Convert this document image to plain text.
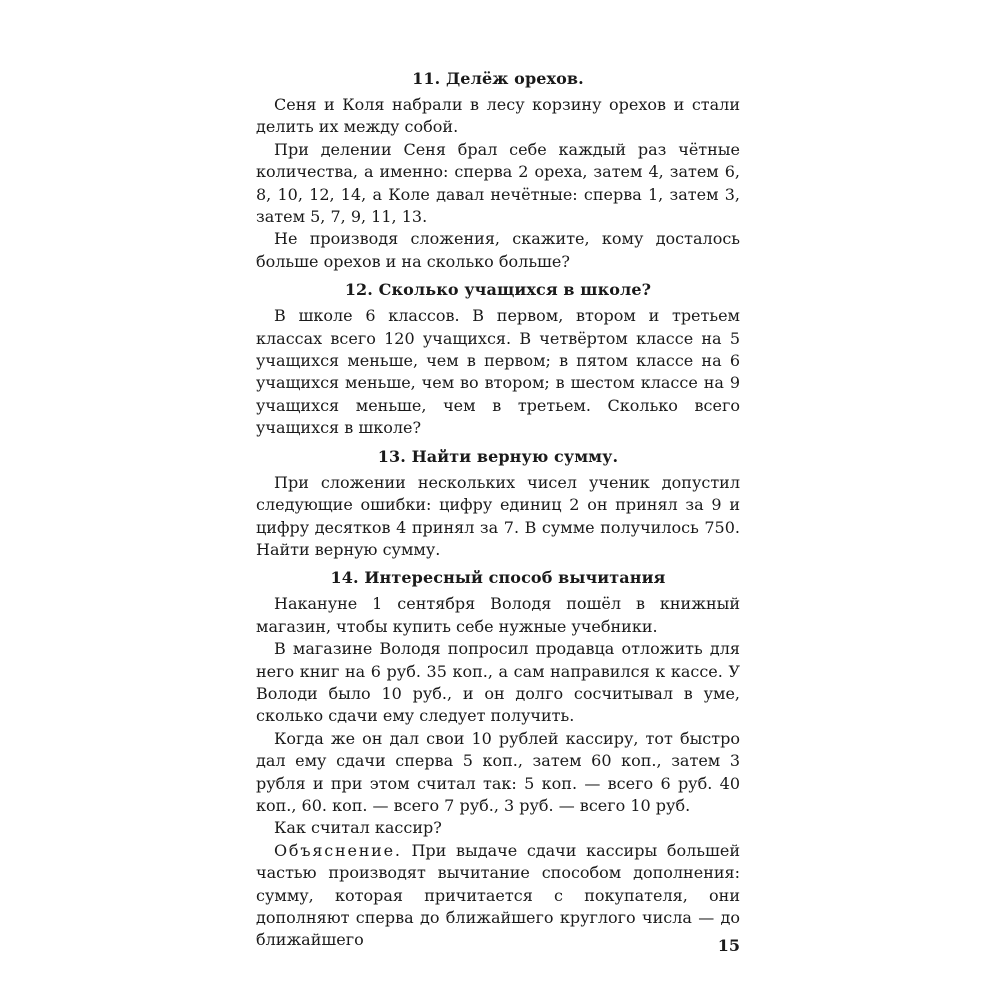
11. Делёж орехов.

Сеня и Коля набрали в лесу корзину орехов и стали делить их между собой.

При делении Сеня брал себе каждый раз чётные количества, а именно: сперва 2 ореха, затем 4, затем 6, 8, 10, 12, 14, а Коле давал нечётные: сперва 1, затем 3, затем 5, 7, 9, 11, 13.

Не производя сложения, скажите, кому досталось больше орехов и на сколько больше?

12. Сколько учащихся в школе?

В школе 6 классов. В первом, втором и третьем классах всего 120 учащихся. В четвёртом классе на 5 учащихся меньше, чем в первом; в пятом классе на 6 учащихся меньше, чем во втором; в шестом классе на 9 учащихся меньше, чем в третьем. Сколько всего учащихся в школе?

13. Найти верную сумму.

При сложении нескольких чисел ученик допустил следующие ошибки: цифру единиц 2 он принял за 9 и цифру десятков 4 принял за 7. В сумме получилось 750. Найти верную сумму.

14. Интересный способ вычитания

Накануне 1 сентября Володя пошёл в книжный магазин, чтобы купить себе нужные учебники.

В магазине Володя попросил продавца отложить для него книг на 6 руб. 35 коп., а сам направился к кассе. У Володи было 10 руб., и он долго сосчитывал в уме, сколько сдачи ему следует получить.

Когда же он дал свои 10 рублей кассиру, тот быстро дал ему сдачи сперва 5 коп., затем 60 коп., затем 3 рубля и при этом считал так: 5 коп. — всего 6 руб. 40 коп., 60. коп. — всего 7 руб., 3 руб. — всего 10 руб.

Как считал кассир?

Объяснение. При выдаче сдачи кассиры большей частью производят вычитание способом дополнения: сумму, которая причитается с покупателя, они дополняют сперва до ближайшего круглого числа — до ближайшего	15
